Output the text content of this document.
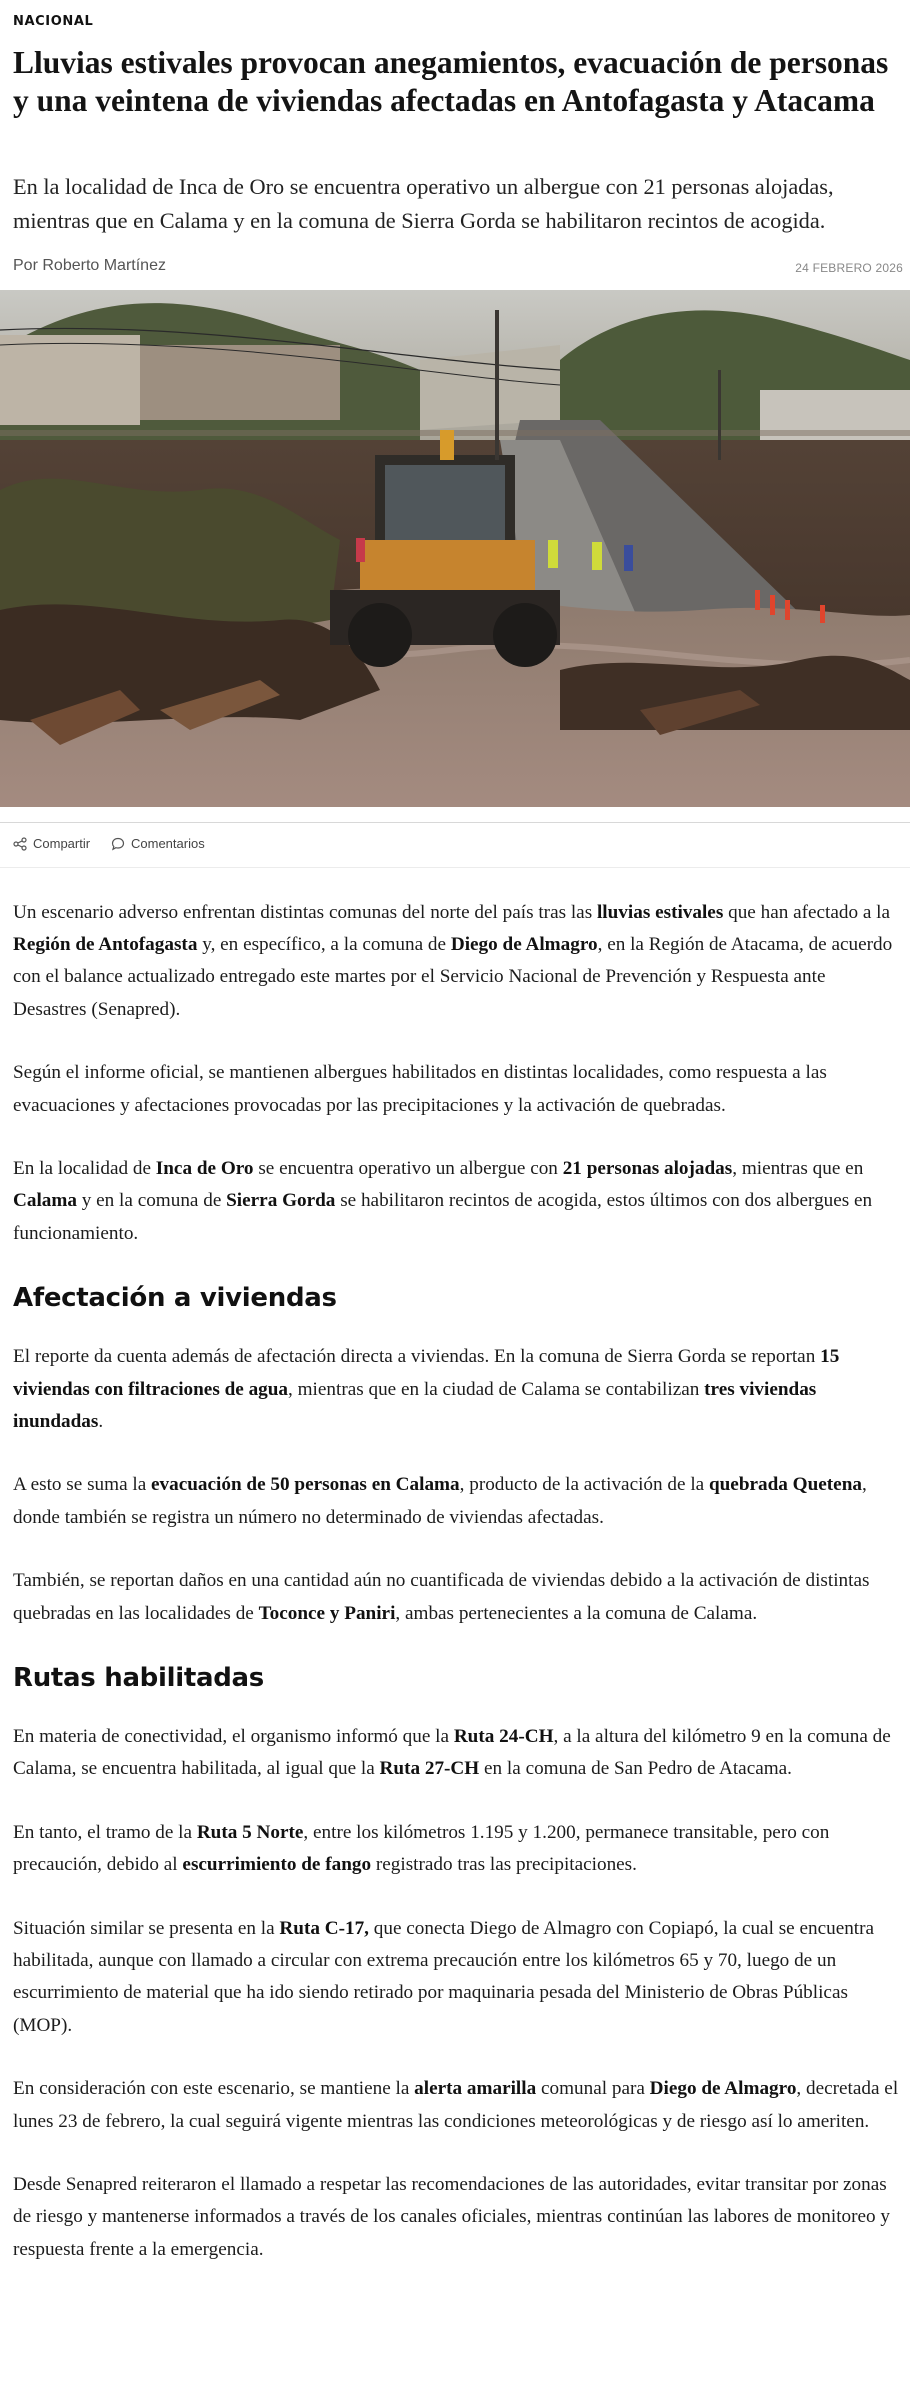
NACIONAL
Lluvias estivales provocan anegamientos, evacuación de personas y una veintena de viviendas afectadas en Antofagasta y Atacama

En la localidad de Inca de Oro se encuentra operativo un albergue con 21 personas alojadas, mientras que en Calama y en la comuna de Sierra Gorda se habilitaron recintos de acogida.

Por Roberto Martínez	24 FEBRERO 2026
Compartir	Comentarios

Un escenario adverso enfrentan distintas comunas del norte del país tras las lluvias estivales que han afectado a la Región de Antofagasta y, en específico, a la comuna de Diego de Almagro, en la Región de Atacama, de acuerdo con el balance actualizado entregado este martes por el Servicio Nacional de Prevención y Respuesta ante Desastres (Senapred).

Según el informe oficial, se mantienen albergues habilitados en distintas localidades, como respuesta a las evacuaciones y afectaciones provocadas por las precipitaciones y la activación de quebradas.

En la localidad de Inca de Oro se encuentra operativo un albergue con 21 personas alojadas, mientras que en Calama y en la comuna de Sierra Gorda se habilitaron recintos de acogida, estos últimos con dos albergues en funcionamiento.

Afectación a viviendas

El reporte da cuenta además de afectación directa a viviendas. En la comuna de Sierra Gorda se reportan 15 viviendas con filtraciones de agua, mientras que en la ciudad de Calama se contabilizan tres viviendas inundadas.

A esto se suma la evacuación de 50 personas en Calama, producto de la activación de la quebrada Quetena, donde también se registra un número no determinado de viviendas afectadas.

También, se reportan daños en una cantidad aún no cuantificada de viviendas debido a la activación de distintas quebradas en las localidades de Toconce y Paniri, ambas pertenecientes a la comuna de Calama.

Rutas habilitadas

En materia de conectividad, el organismo informó que la Ruta 24-CH, a la altura del kilómetro 9 en la comuna de Calama, se encuentra habilitada, al igual que la Ruta 27-CH en la comuna de San Pedro de Atacama.

En tanto, el tramo de la Ruta 5 Norte, entre los kilómetros 1.195 y 1.200, permanece transitable, pero con precaución, debido al escurrimiento de fango registrado tras las precipitaciones.

Situación similar se presenta en la Ruta C-17, que conecta Diego de Almagro con Copiapó, la cual se encuentra habilitada, aunque con llamado a circular con extrema precaución entre los kilómetros 65 y 70, luego de un escurrimiento de material que ha ido siendo retirado por maquinaria pesada del Ministerio de Obras Públicas (MOP).

En consideración con este escenario, se mantiene la alerta amarilla comunal para Diego de Almagro, decretada el lunes 23 de febrero, la cual seguirá vigente mientras las condiciones meteorológicas y de riesgo así lo ameriten.

Desde Senapred reiteraron el llamado a respetar las recomendaciones de las autoridades, evitar transitar por zonas de riesgo y mantenerse informados a través de los canales oficiales, mientras continúan las labores de monitoreo y respuesta frente a la emergencia.
